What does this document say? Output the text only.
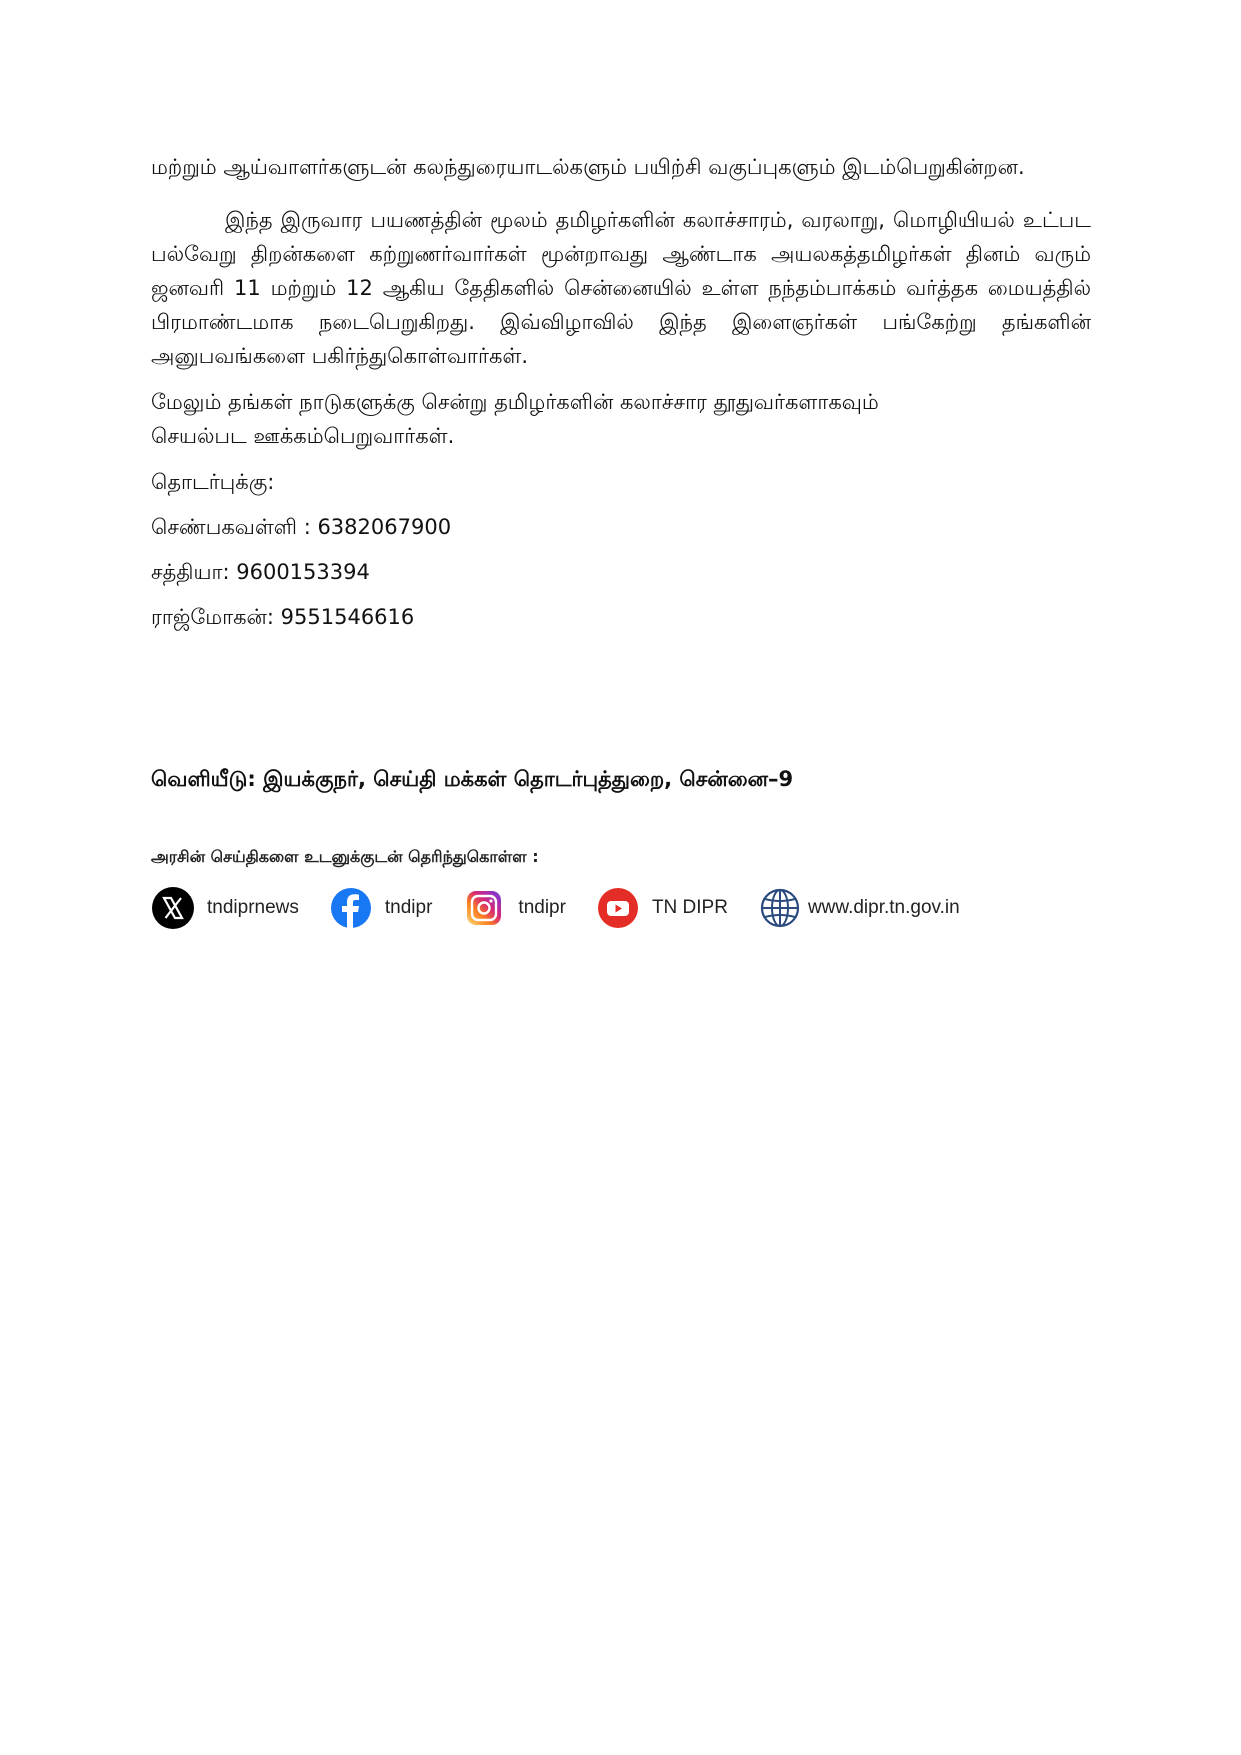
மற்றும் ஆய்வாளர்களுடன் கலந்துரையாடல்களும் பயிற்சி வகுப்புகளும் இடம்பெறுகின்றன.

இந்த இருவார பயணத்தின் மூலம் தமிழர்களின் கலாச்சாரம், வரலாறு, மொழியியல் உட்பட பல்வேறு திறன்களை கற்றுணர்வார்கள் மூன்றாவது ஆண்டாக அயலகத்தமிழர்கள் தினம் வரும் ஜனவரி 11 மற்றும் 12 ஆகிய தேதிகளில் சென்னையில் உள்ள நந்தம்பாக்கம் வர்த்தக மையத்தில் பிரமாண்டமாக நடைபெறுகிறது. இவ்விழாவில் இந்த இளைஞர்கள் பங்கேற்று தங்களின் அனுபவங்களை பகிர்ந்துகொள்வார்கள்.

மேலும் தங்கள் நாடுகளுக்கு சென்று தமிழர்களின் கலாச்சார தூதுவர்களாகவும்

செயல்பட ஊக்கம்பெறுவார்கள்.

தொடர்புக்கு:

செண்பகவள்ளி : 6382067900

சத்தியா: 9600153394

ராஜ்மோகன்: 9551546616

வெளியீடு: இயக்குநர், செய்தி மக்கள் தொடர்புத்துறை, சென்னை–9
அரசின் செய்திகளை உடனுக்குடன் தெரிந்துகொள்ள :
tndiprnews	tndipr	tndipr	TN DIPR	www.dipr.tn.gov.in
